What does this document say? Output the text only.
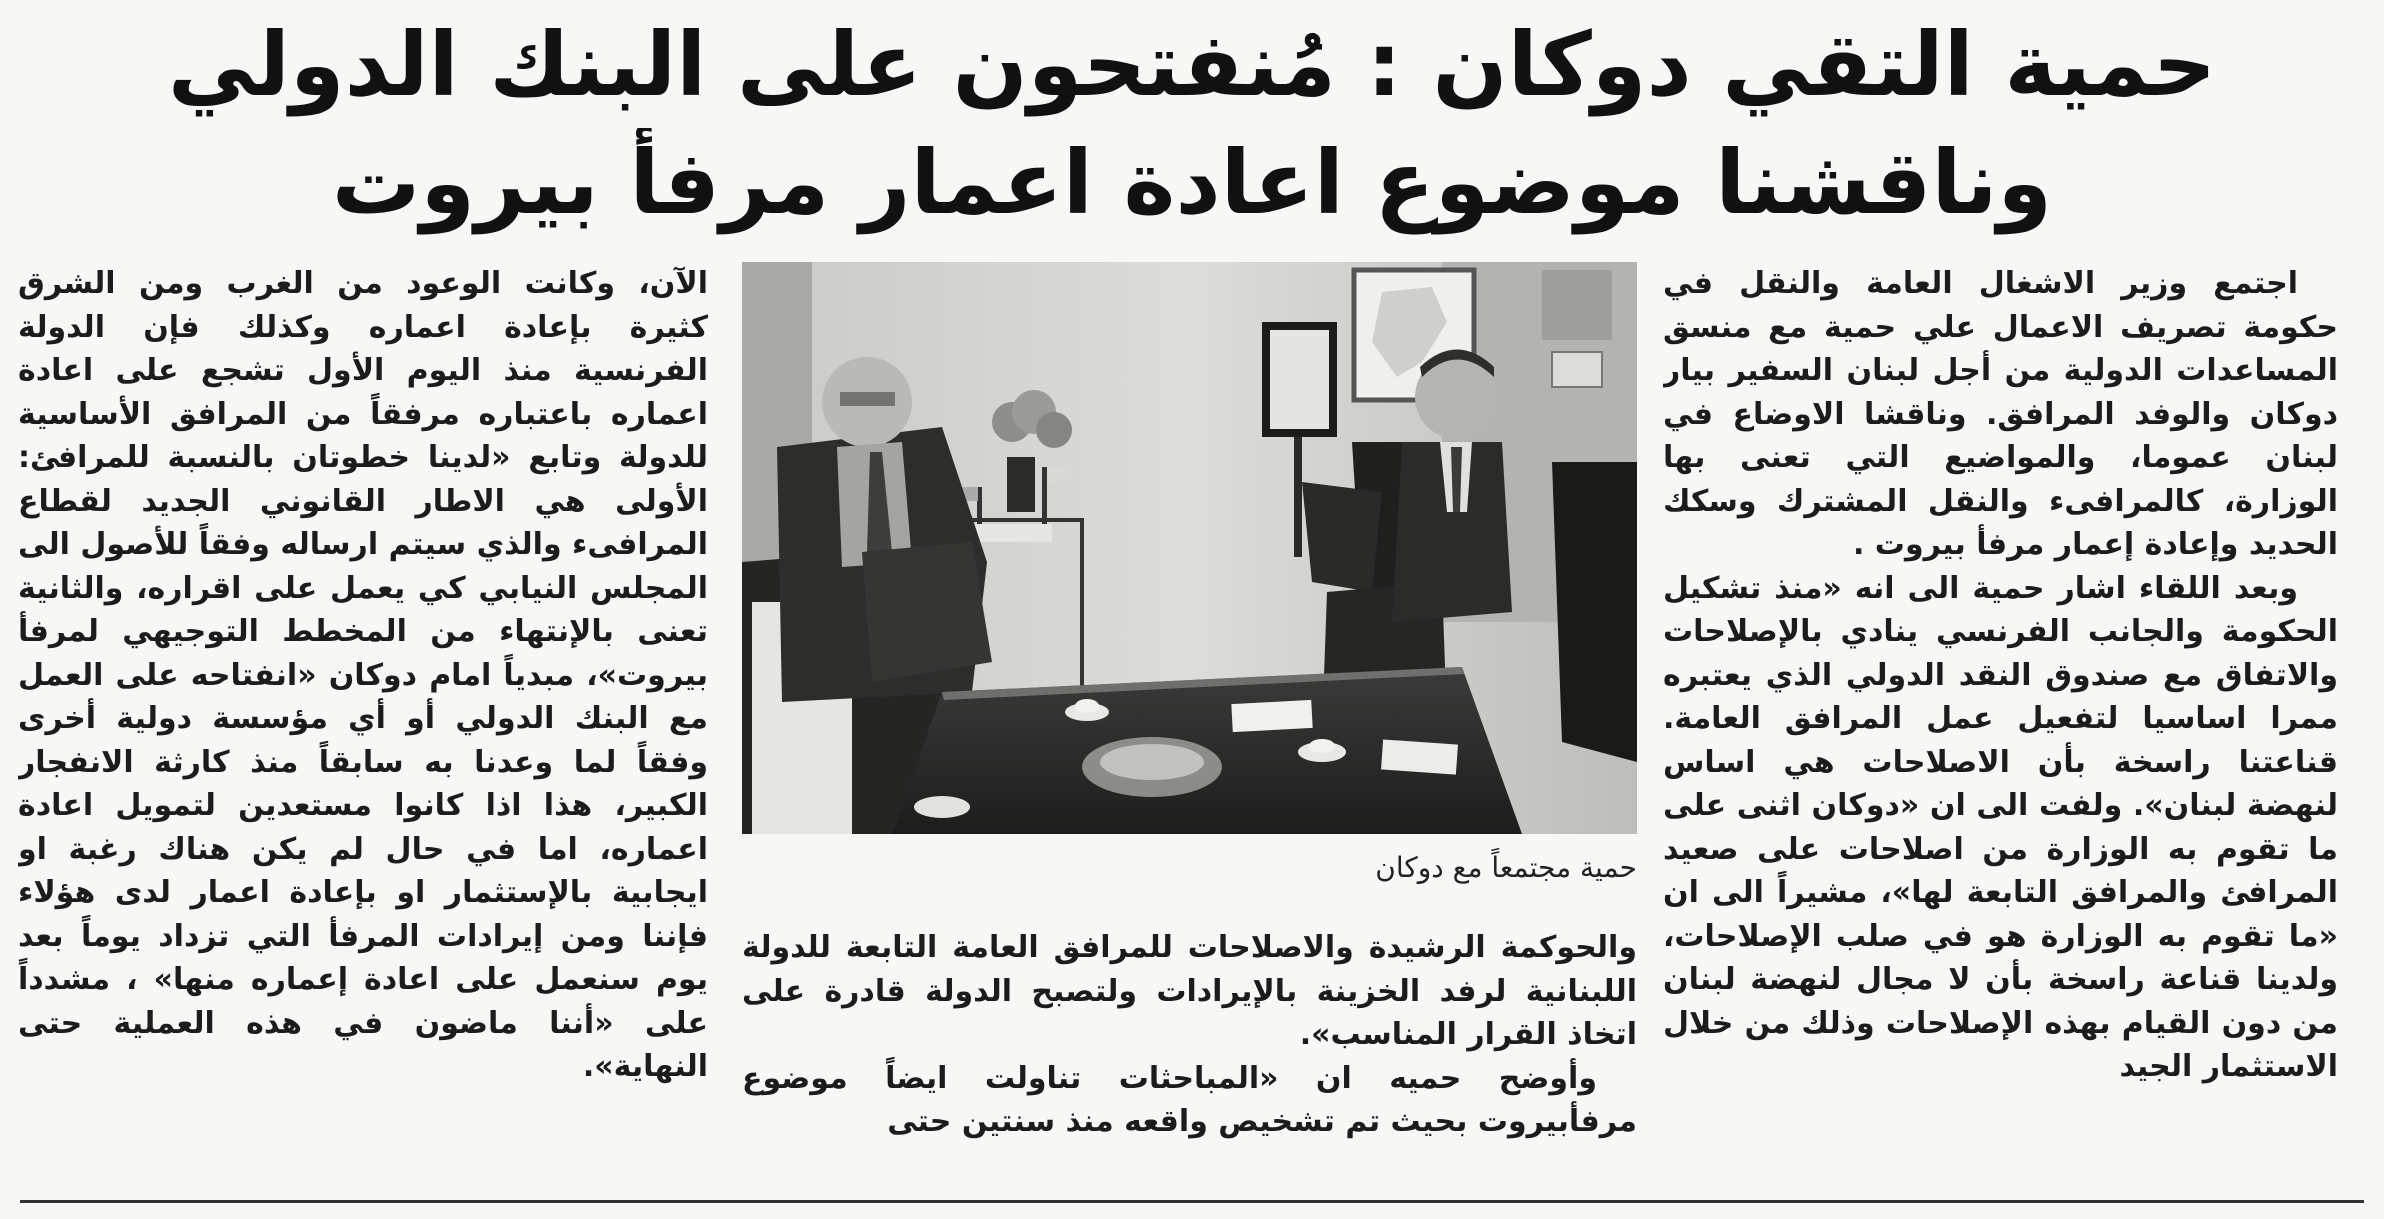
حمية التقي دوكان : مُنفتحون على البنك الدولي
وناقشنا موضوع اعادة اعمار مرفأ بيروت

اجتمع وزير الاشغال العامة والنقل في حكومة تصريف الاعمال علي حمية مع منسق المساعدات الدولية من أجل لبنان السفير بيار دوكان والوفد المرافق. وناقشا الاوضاع في لبنان عموما، والمواضيع التي تعنى بها الوزارة، كالمرافىء والنقل المشترك وسكك الحديد وإعادة إعمار مرفأ بيروت .

وبعد اللقاء اشار حمية الى انه «منذ تشكيل الحكومة والجانب الفرنسي ينادي بالإصلاحات والاتفاق مع صندوق النقد الدولي الذي يعتبره ممرا اساسيا لتفعيل عمل المرافق العامة. قناعتنا راسخة بأن الاصلاحات هي اساس لنهضة لبنان». ولفت الى ان «دوكان اثنى على ما تقوم به الوزارة من اصلاحات على صعيد المرافئ والمرافق التابعة لها»، مشيراً الى ان «ما تقوم به الوزارة هو في صلب الإصلاحات، ولدينا قناعة راسخة بأن لا مجال لنهضة لبنان من دون القيام بهذه الإصلاحات وذلك من خلال الاستثمار الجيد

حمية مجتمعاً مع دوكان

والحوكمة الرشيدة والاصلاحات للمرافق العامة التابعة للدولة اللبنانية لرفد الخزينة بالإيرادات ولتصبح الدولة قادرة على اتخاذ القرار المناسب».

وأوضح حميه ان «المباحثات تناولت ايضاً موضوع مرفأبيروت بحيث تم تشخيص واقعه منذ سنتين حتى

الآن، وكانت الوعود من الغرب ومن الشرق كثيرة بإعادة اعماره وكذلك فإن الدولة الفرنسية منذ اليوم الأول تشجع على اعادة اعماره باعتباره مرفقاً من المرافق الأساسية للدولة وتابع «لدينا خطوتان بالنسبة للمرافئ: الأولى هي الاطار القانوني الجديد لقطاع المرافىء والذي سيتم ارساله وفقاً للأصول الى المجلس النيابي كي يعمل على اقراره، والثانية تعنى بالإنتهاء من المخطط التوجيهي لمرفأ بيروت»، مبدياً امام دوكان «انفتاحه على العمل مع البنك الدولي أو أي مؤسسة دولية أخرى وفقاً لما وعدنا به سابقاً منذ كارثة الانفجار الكبير، هذا اذا كانوا مستعدين لتمويل اعادة اعماره، اما في حال لم يكن هناك رغبة او ايجابية بالإستثمار او بإعادة اعمار لدى هؤلاء فإننا ومن إيرادات المرفأ التي تزداد يوماً بعد يوم سنعمل على اعادة إعماره منها» ، مشدداً على «أننا ماضون في هذه العملية حتى النهاية».
